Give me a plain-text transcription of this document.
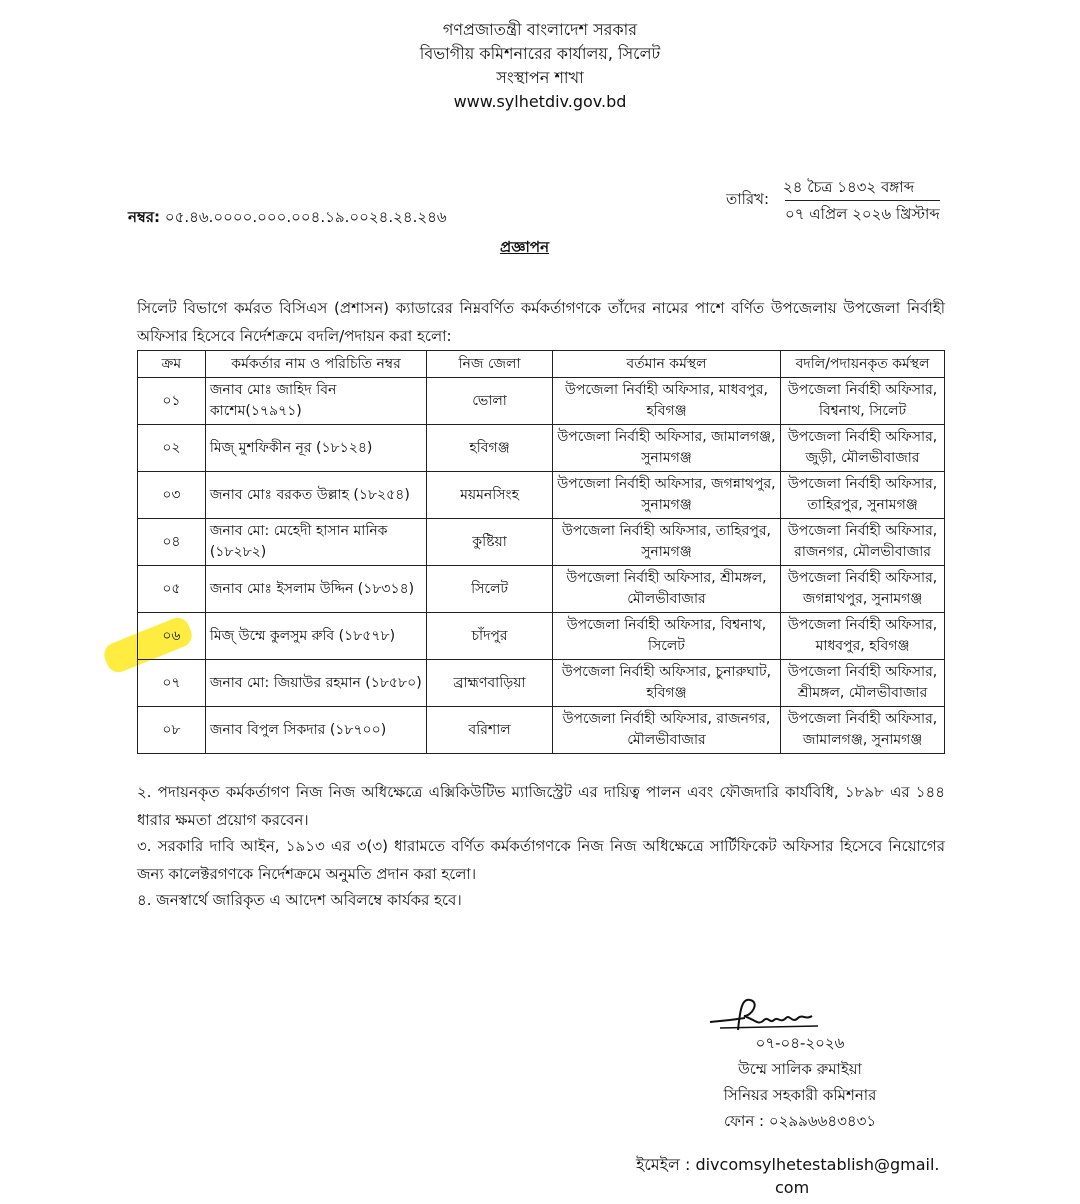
গণপ্রজাতন্ত্রী বাংলাদেশ সরকার
বিভাগীয় কমিশনারের কার্যালয়, সিলেট
সংস্থাপন শাখা
www.sylhetdiv.gov.bd
২৪ চৈত্র ১৪৩২ বঙ্গাব্দ
তারিখ:
০৭ এপ্রিল ২০২৬ খ্রিস্টাব্দ
নম্বর: ০৫.৪৬.০০০০.০০০.০০৪.১৯.০০২৪.২৪.২৪৬
প্রজ্ঞাপন
সিলেট বিভাগে কর্মরত বিসিএস (প্রশাসন) ক্যাডারের নিম্নবর্ণিত কর্মকর্তাগণকে তাঁদের নামের পাশে বর্ণিত উপজেলায় উপজেলা নির্বাহী অফিসার হিসেবে নির্দেশক্রমে বদলি/পদায়ন করা হলো:
ক্রম	কর্মকর্তার নাম ও পরিচিতি নম্বর	নিজ জেলা	বর্তমান কর্মস্থল	বদলি/পদায়নকৃত কর্মস্থল
০১	জনাব মোঃ জাহিদ বিন কাশেম(১৭৯৭১)	ভোলা	উপজেলা নির্বাহী অফিসার, মাধবপুর, হবিগঞ্জ	উপজেলা নির্বাহী অফিসার, বিশ্বনাথ, সিলেট
০২	মিজ্ মুশফিকীন নূর (১৮১২৪)	হবিগঞ্জ	উপজেলা নির্বাহী অফিসার, জামালগঞ্জ, সুনামগঞ্জ	উপজেলা নির্বাহী অফিসার, জুড়ী, মৌলভীবাজার
০৩	জনাব মোঃ বরকত উল্লাহ (১৮২৫৪)	ময়মনসিংহ	উপজেলা নির্বাহী অফিসার, জগন্নাথপুর, সুনামগঞ্জ	উপজেলা নির্বাহী অফিসার, তাহিরপুর, সুনামগঞ্জ
০৪	জনাব মো: মেহেদী হাসান মানিক (১৮২৮২)	কুষ্টিয়া	উপজেলা নির্বাহী অফিসার, তাহিরপুর, সুনামগঞ্জ	উপজেলা নির্বাহী অফিসার, রাজনগর, মৌলভীবাজার
০৫	জনাব মোঃ ইসলাম উদ্দিন (১৮৩১৪)	সিলেট	উপজেলা নির্বাহী অফিসার, শ্রীমঙ্গল, মৌলভীবাজার	উপজেলা নির্বাহী অফিসার, জগন্নাথপুর, সুনামগঞ্জ
০৬	মিজ্ উম্মে কুলসুম রুবি (১৮৫৭৮)	চাঁদপুর	উপজেলা নির্বাহী অফিসার, বিশ্বনাথ, সিলেট	উপজেলা নির্বাহী অফিসার, মাধবপুর, হবিগঞ্জ
০৭	জনাব মো: জিয়াউর রহমান (১৮৫৮০)	ব্রাহ্মণবাড়িয়া	উপজেলা নির্বাহী অফিসার, চুনারুঘাট, হবিগঞ্জ	উপজেলা নির্বাহী অফিসার, শ্রীমঙ্গল, মৌলভীবাজার
০৮	জনাব বিপুল সিকদার (১৮৭০০)	বরিশাল	উপজেলা নির্বাহী অফিসার, রাজনগর, মৌলভীবাজার	উপজেলা নির্বাহী অফিসার, জামালগঞ্জ, সুনামগঞ্জ
২. পদায়নকৃত কর্মকর্তাগণ নিজ নিজ অধিক্ষেত্রে এক্সিকিউটিভ ম্যাজিস্ট্রেট এর দায়িত্ব পালন এবং ফৌজদারি কার্যবিধি, ১৮৯৮ এর ১৪৪ ধারার ক্ষমতা প্রয়োগ করবেন।
৩. সরকারি দাবি আইন, ১৯১৩ এর ৩(৩) ধারামতে বর্ণিত কর্মকর্তাগণকে নিজ নিজ অধিক্ষেত্রে সার্টিফিকেট অফিসার হিসেবে নিয়োগের জন্য কালেক্টরগণকে নির্দেশক্রমে অনুমতি প্রদান করা হলো।
৪. জনস্বার্থে জারিকৃত এ আদেশ অবিলম্বে কার্যকর হবে।
০৭-০৪-২০২৬
উম্মে সালিক রুমাইয়া
সিনিয়র সহকারী কমিশনার
ফোন : ০২৯৯৬৬৪৩৪৩১
ইমেইল : divcomsylhetestablish@gmail.
com
